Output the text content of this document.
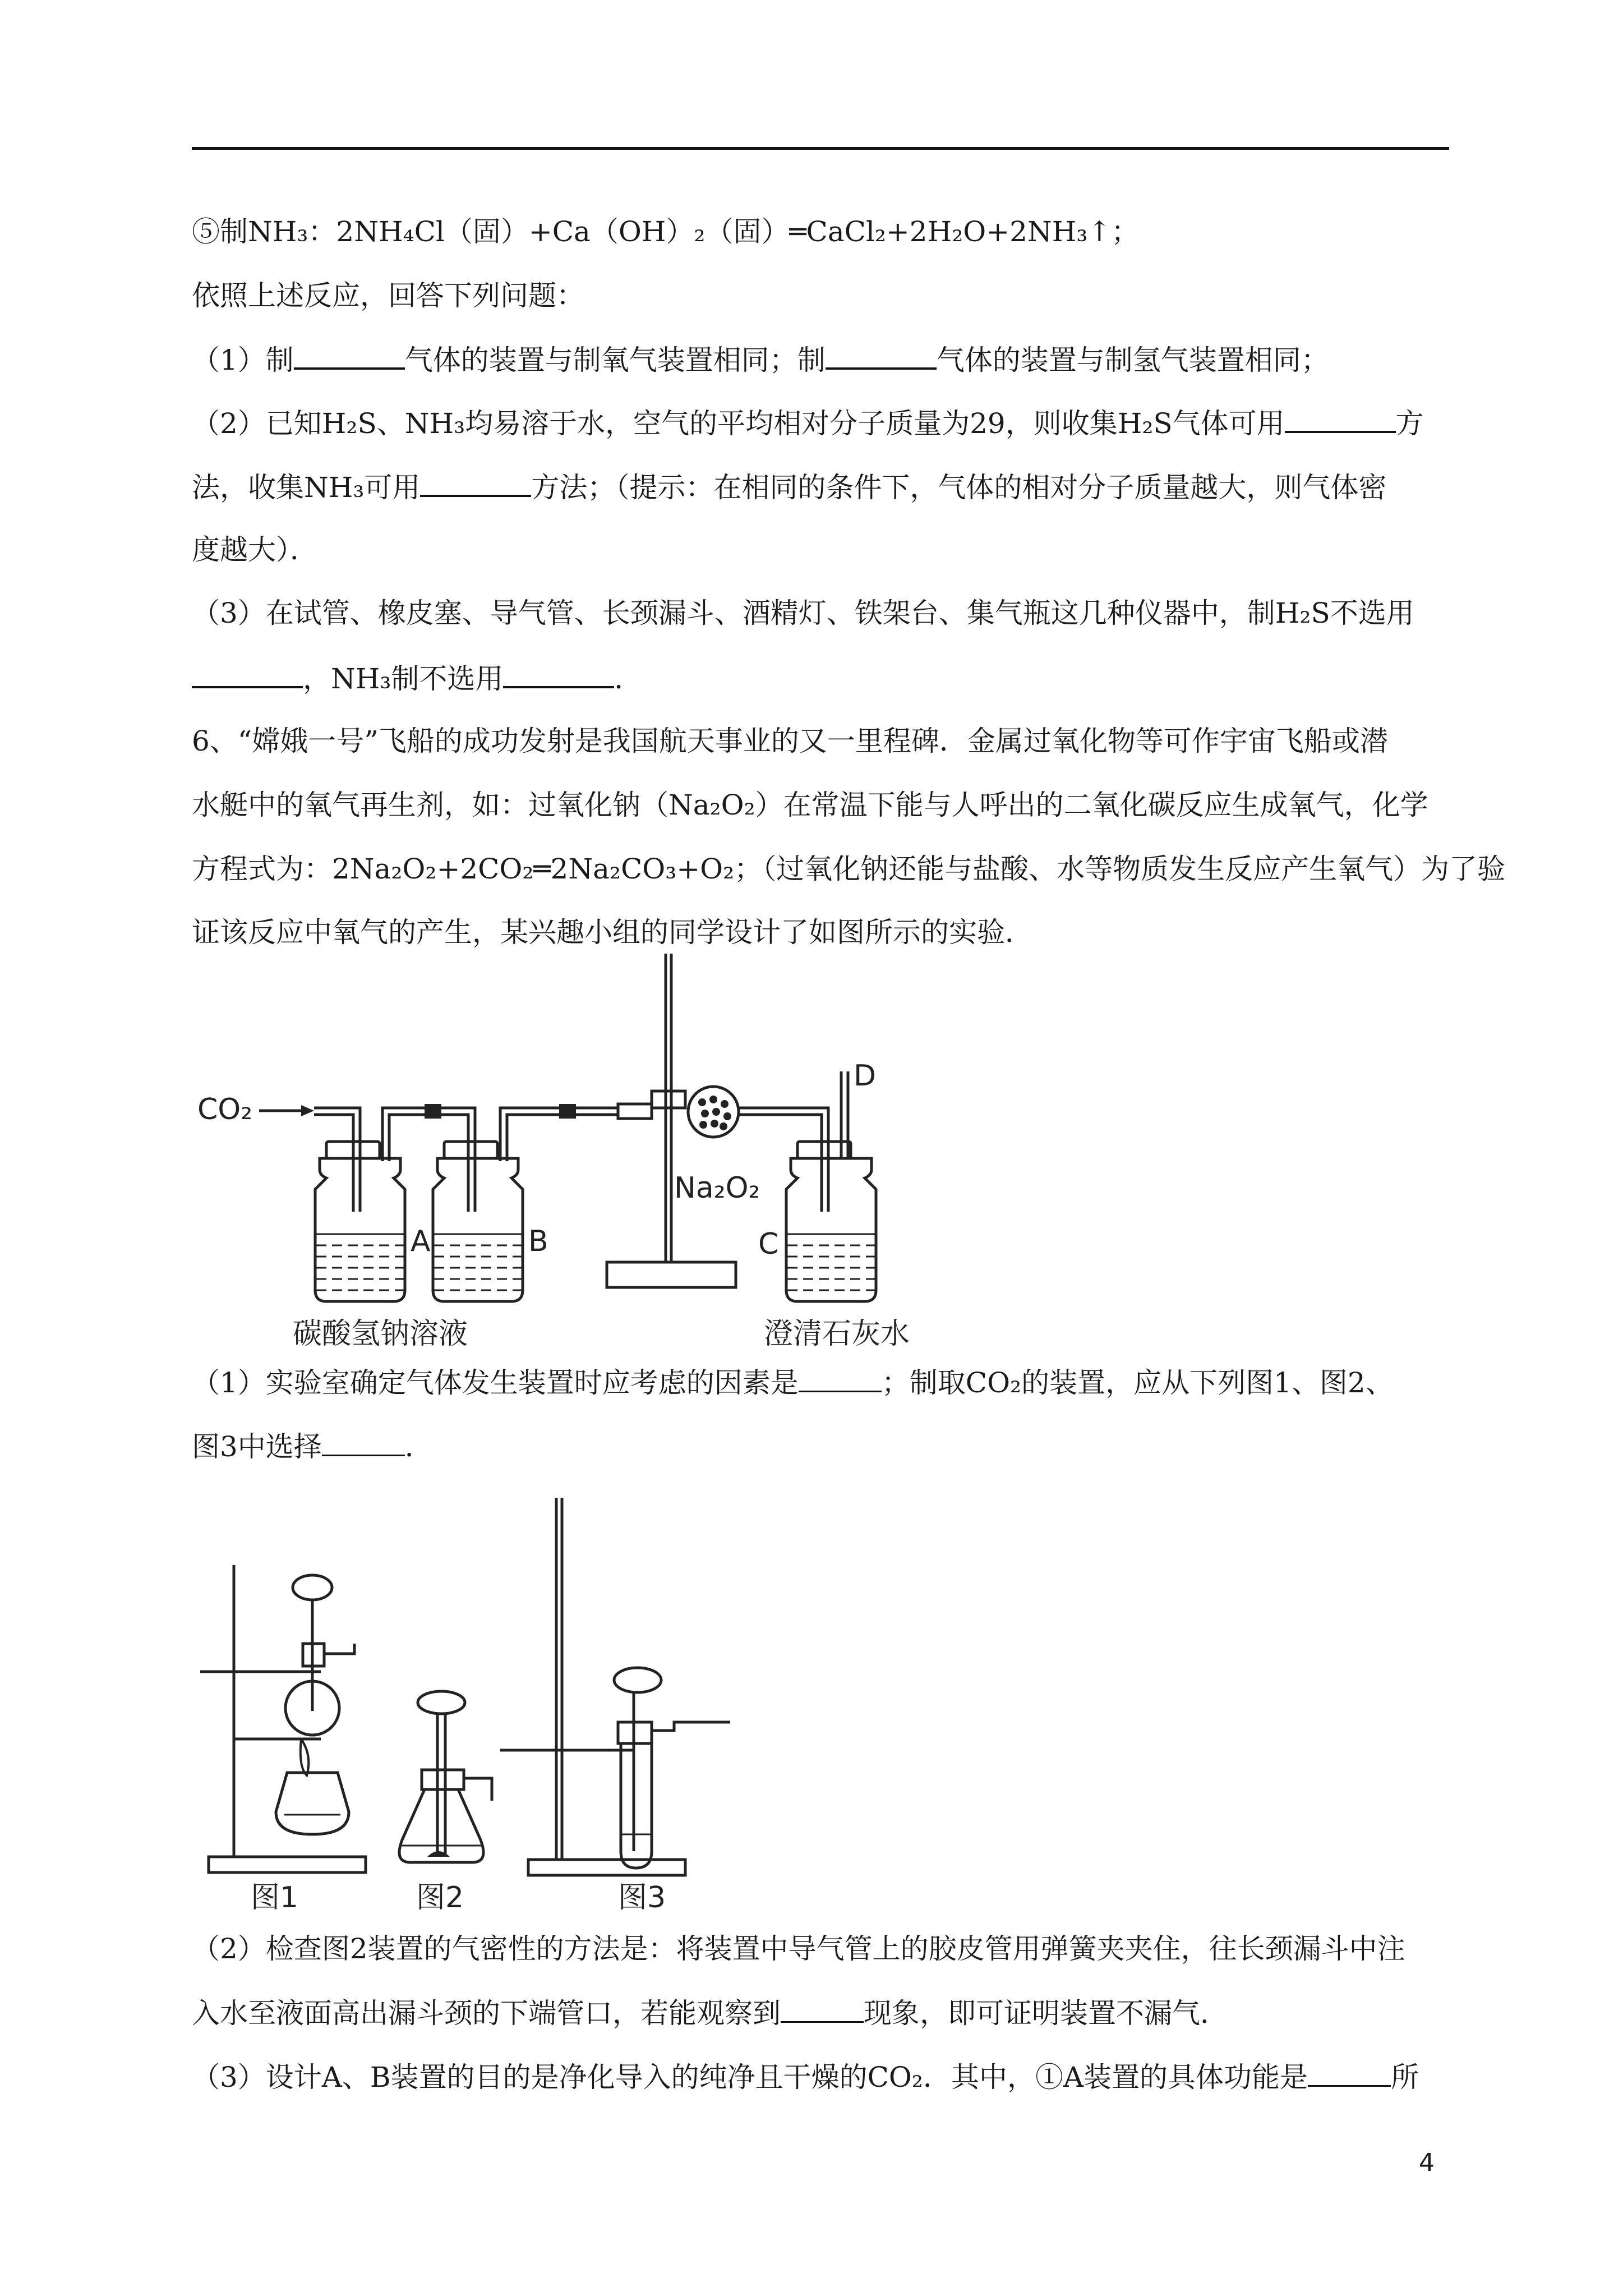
⑤制NH₃：2NH₄Cl（固）+Ca（OH）₂（固）═CaCl₂+2H₂O+2NH₃↑；
依照上述反应，回答下列问题：
（1）制	气体的装置与制氧气装置相同；制	气体的装置与制氢气装置相同；
（2）已知H₂S、NH₃均易溶于水，空气的平均相对分子质量为29，则收集H₂S气体可用	方
法，收集NH₃可用	方法；（提示：在相同的条件下，气体的相对分子质量越大，则气体密
度越大）．
（3）在试管、橡皮塞、导气管、长颈漏斗、酒精灯、铁架台、集气瓶这几种仪器中，制H₂S不选用
，NH₃制不选用	．
6、“嫦娥一号”飞船的成功发射是我国航天事业的又一里程碑．金属过氧化物等可作宇宙飞船或潜
水艇中的氧气再生剂，如：过氧化钠（Na₂O₂）在常温下能与人呼出的二氧化碳反应生成氧气，化学
方程式为：2Na₂O₂+2CO₂═2Na₂CO₃+O₂；（过氧化钠还能与盐酸、水等物质发生反应产生氧气）为了验
证该反应中氧气的产生，某兴趣小组的同学设计了如图所示的实验．
CO₂
A	B
Na₂O₂
D
C
碳酸氢钠溶液	澄清石灰水
（1）实验室确定气体发生装置时应考虑的因素是	；制取CO₂的装置，应从下列图1、图2、
图3中选择	．
图1	图2	图3
（2）检查图2装置的气密性的方法是：将装置中导气管上的胶皮管用弹簧夹夹住，往长颈漏斗中注
入水至液面高出漏斗颈的下端管口，若能观察到	现象，即可证明装置不漏气．
（3）设计A、B装置的目的是净化导入的纯净且干燥的CO₂．其中，①A装置的具体功能是	所
4
